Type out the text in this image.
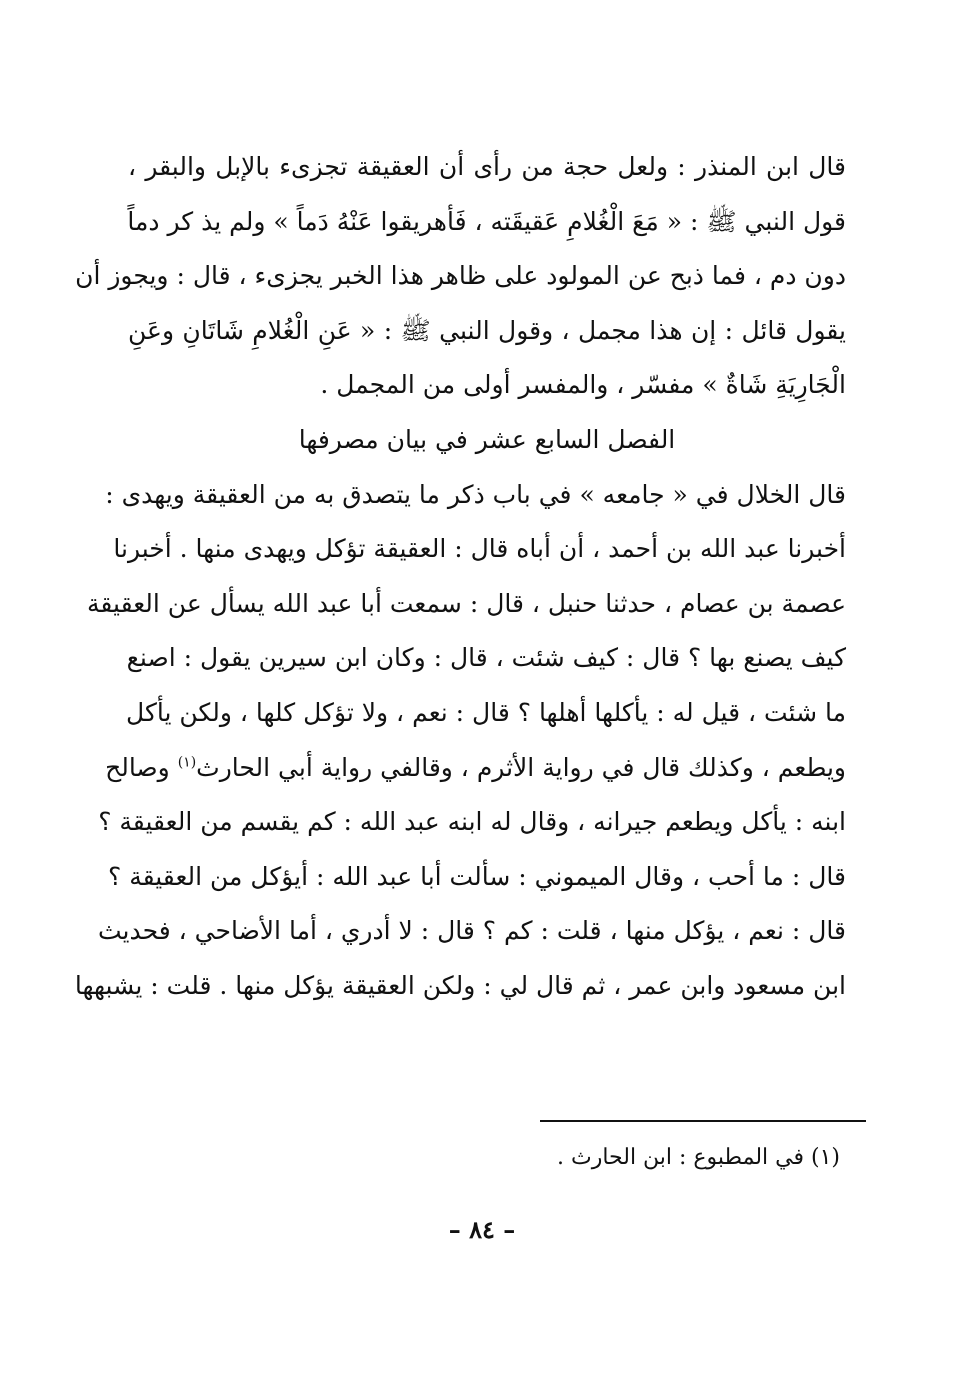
قال ابن المنذر : ولعل حجة من رأى أن العقيقة تجزىء بالإبل والبقر ،
قول النبي ﷺ : « مَعَ الْغُلامِ عَقيقَته ، فَأهريقوا عَنْهُ دَماً » ولم يذ كر دماً
دون دم ، فما ذبح عن المولود على ظاهر هذا الخبر يجزىء ، قال : ويجوز أن
يقول قائل : إن هذا مجمل ، وقول النبي ﷺ : « عَنِ الْغُلامِ شَاتَانِ وعَنِ
الْجَارِيَةِ شَاةٌ » مفسّر ، والمفسر أولى من المجمل .
الفصل السابع عشر في بيان مصرفها
قال الخلال في « جامعه » في باب ذكر ما يتصدق به من العقيقة ويهدى :
أخبرنا عبد الله بن أحمد ، أن أباه قال : العقيقة تؤكل ويهدى منها . أخبرنا
عصمة بن عصام ، حدثنا حنبل ، قال : سمعت أبا عبد الله يسأل عن العقيقة
كيف يصنع بها ؟ قال : كيف شئت ، قال : وكان ابن سيرين يقول : اصنع
ما شئت ، قيل له : يأكلها أهلها ؟ قال : نعم ، ولا تؤكل كلها ، ولكن يأكل
ويطعم ، وكذلك قال في رواية الأثرم ، وقالفي رواية أبي الحارث$^{(١)}$ وصالح
ابنه : يأكل ويطعم جيرانه ، وقال له ابنه عبد الله : كم يقسم من العقيقة ؟
قال : ما أحب ، وقال الميموني : سألت أبا عبد الله : أيؤكل من العقيقة ؟
قال : نعم ، يؤكل منها ، قلت : كم ؟ قال : لا أدري ، أما الأضاحي ، فحديث
ابن مسعود وابن عمر ، ثم قال لي : ولكن العقيقة يؤكل منها . قلت : يشبهها
(١) في المطبوع : ابن الحارث .
– ٨٤ –
